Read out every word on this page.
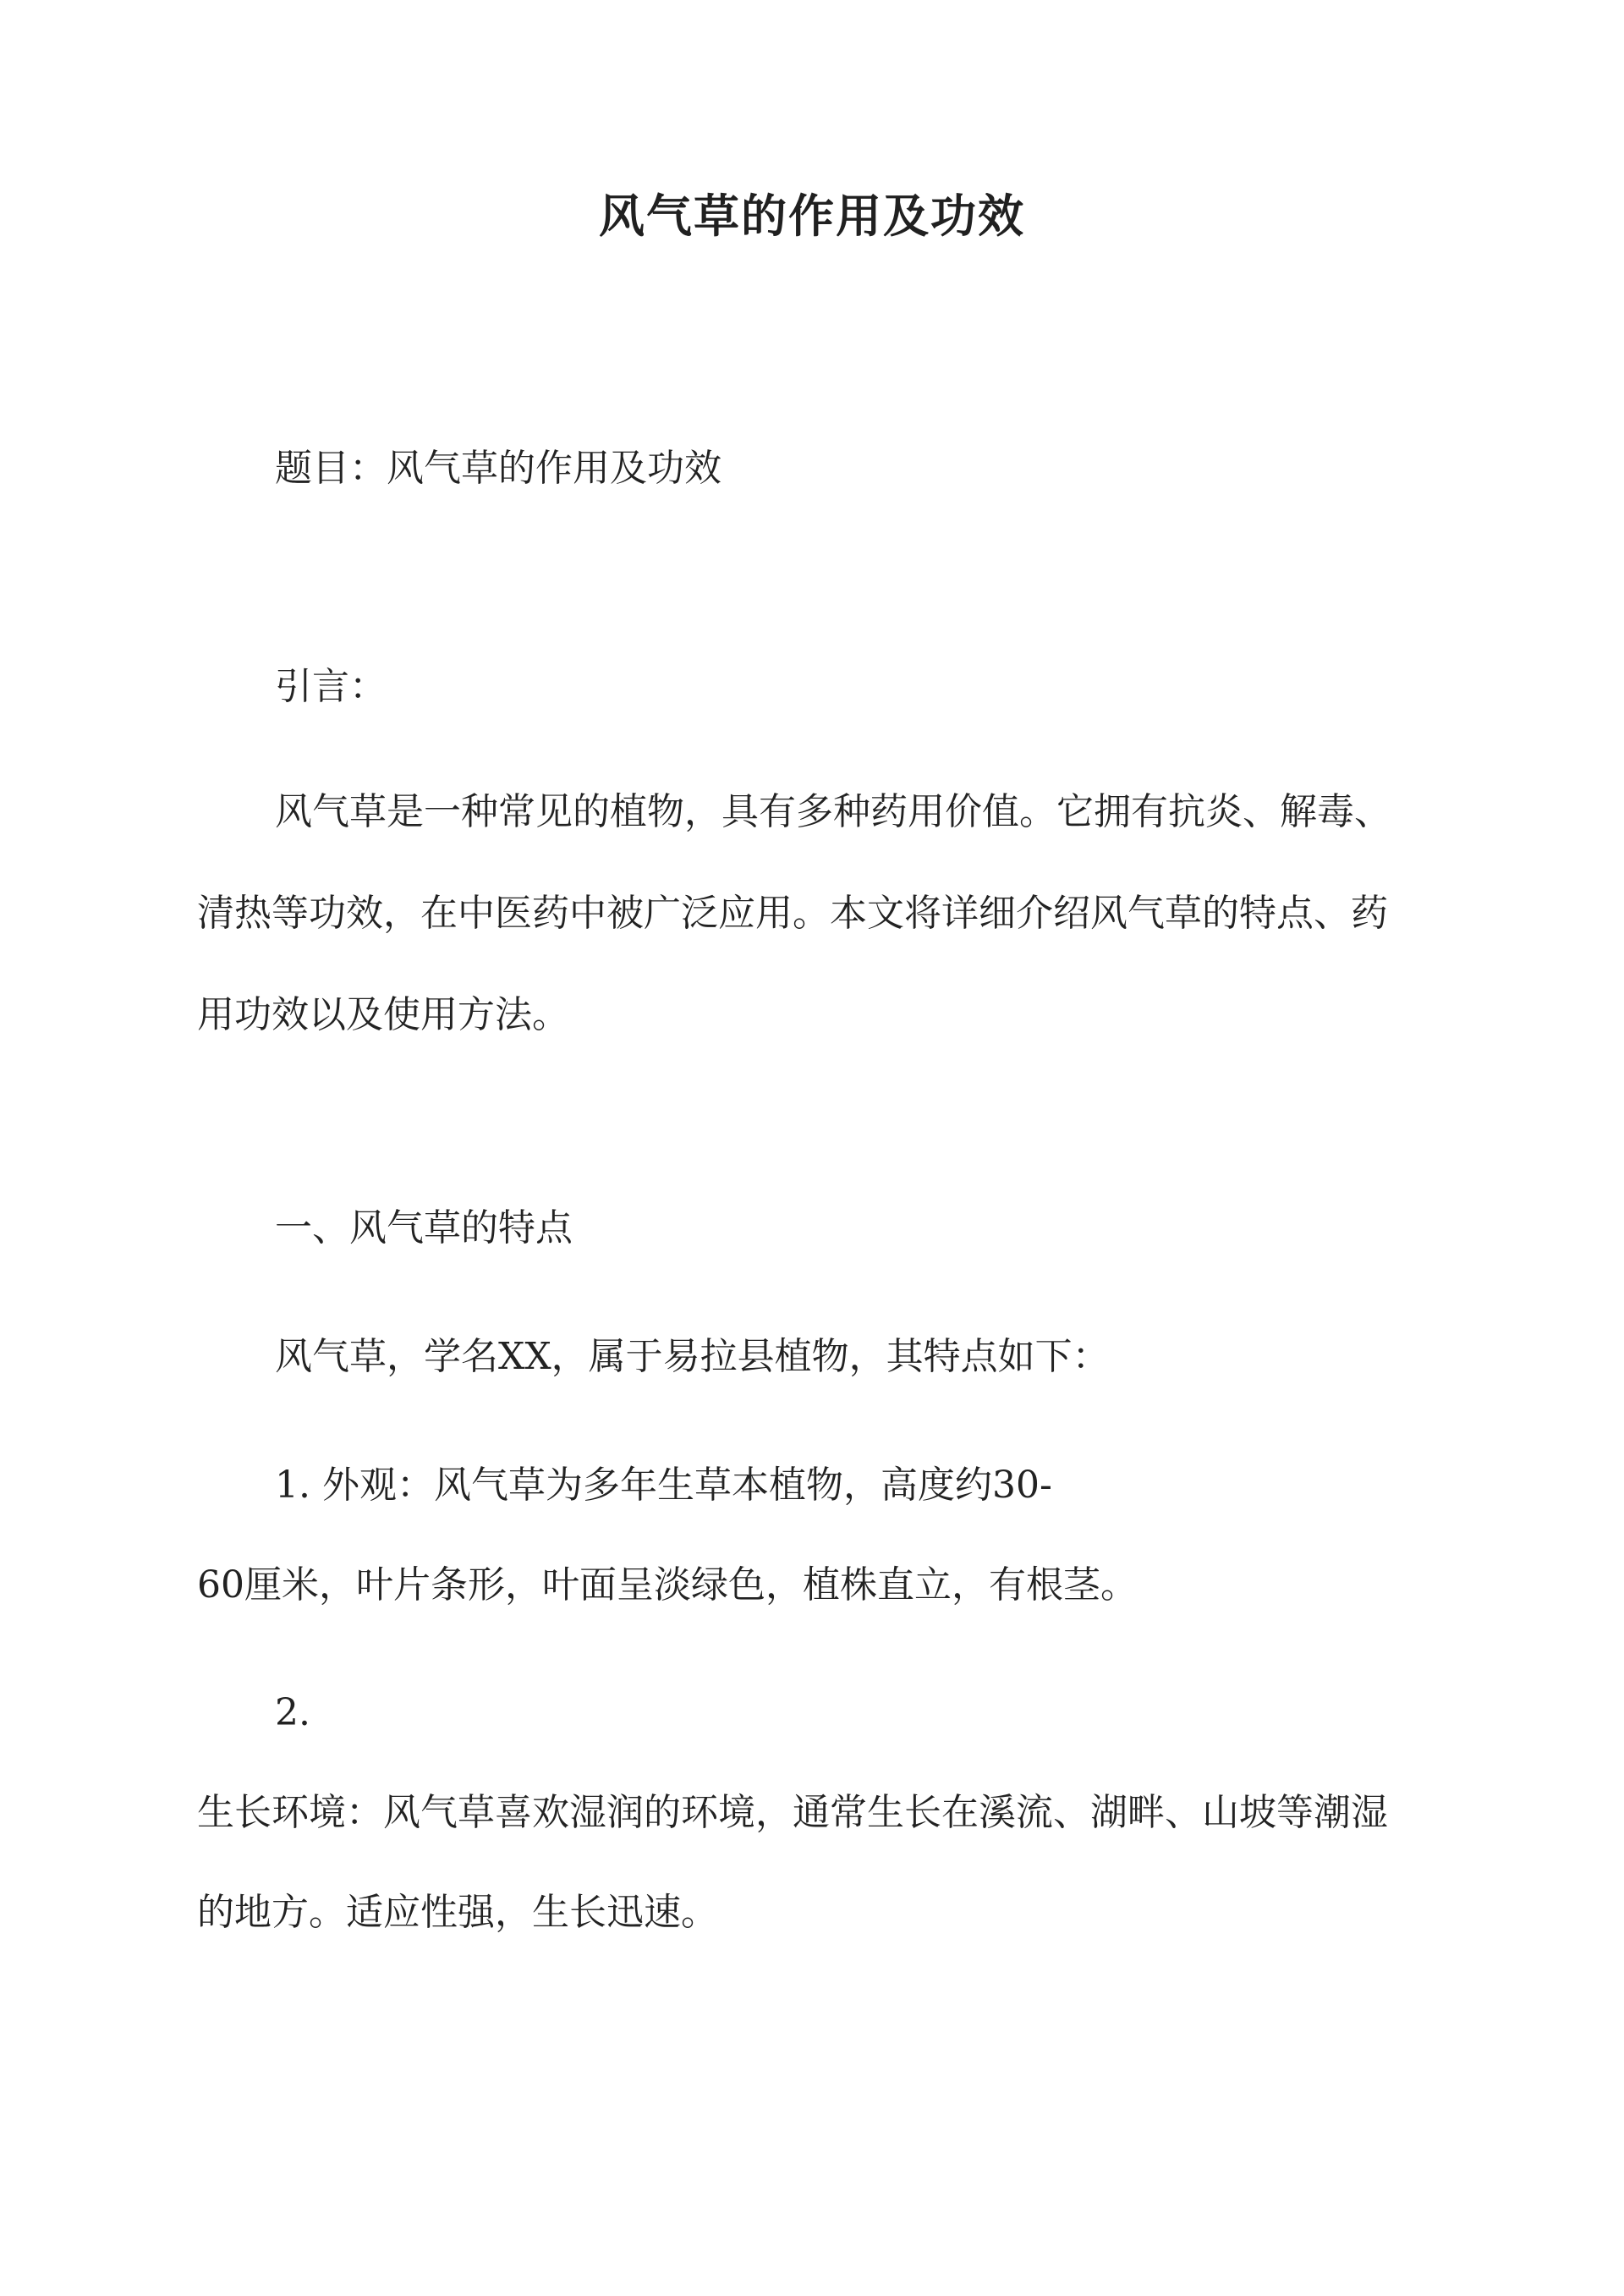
风气草的作用及功效
题目：风气草的作用及功效
引言：
风气草是一种常见的植物，具有多种药用价值。它拥有抗炎、解毒、
清热等功效，在中医药中被广泛应用。本文将详细介绍风气草的特点、药
用功效以及使用方法。
一、风气草的特点
风气草，学名XX，属于易拉县植物，其特点如下：
1. 外观：风气草为多年生草本植物，高度约30-
60厘米，叶片条形，叶面呈淡绿色，植株直立，有根茎。
2.
生长环境：风气草喜欢湿润的环境，通常生长在溪流、湖畔、山坡等潮湿
的地方。适应性强，生长迅速。
